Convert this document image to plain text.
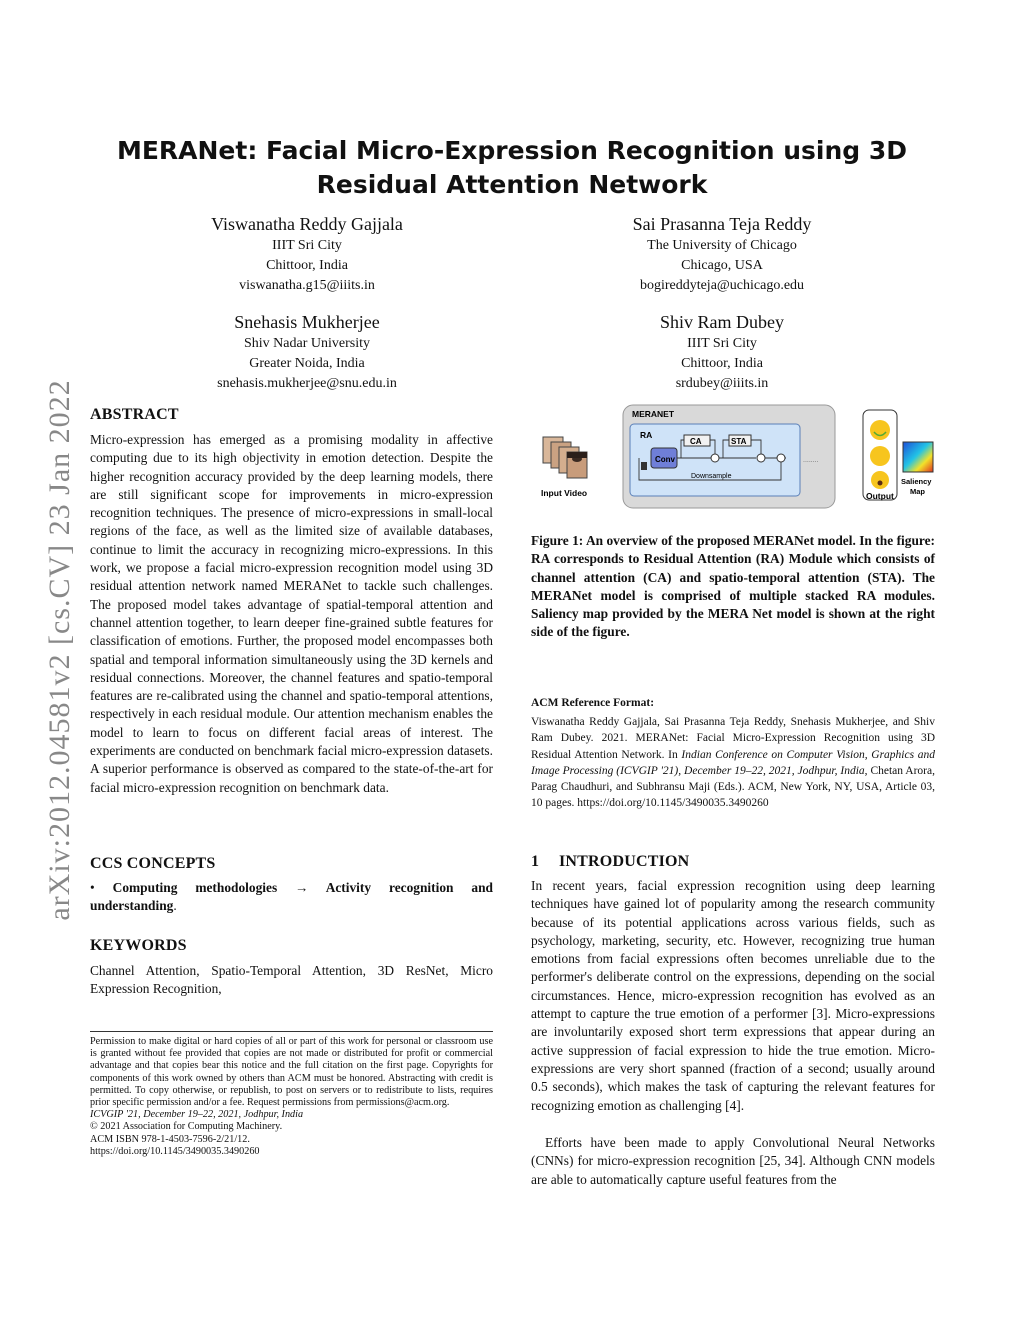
arXiv:2012.04581v2 [cs.CV] 23 Jan 2022
MERANet: Facial Micro-Expression Recognition using 3D
Residual Attention Network
Viswanatha Reddy Gajjala
IIIT Sri City
Chittoor, India
viswanatha.g15@iiits.in
Sai Prasanna Teja Reddy
The University of Chicago
Chicago, USA
bogireddyteja@uchicago.edu
Snehasis Mukherjee
Shiv Nadar University
Greater Noida, India
snehasis.mukherjee@snu.edu.in
Shiv Ram Dubey
IIIT Sri City
Chittoor, India
srdubey@iiits.in
ABSTRACT

Micro-expression has emerged as a promising modality in affective computing due to its high objectivity in emotion detection. Despite the higher recognition accuracy provided by the deep learning models, there are still significant scope for improvements in micro-expression recognition techniques. The presence of micro-expressions in small-local regions of the face, as well as the limited size of available databases, continue to limit the accuracy in recognizing micro-expressions. In this work, we propose a facial micro-expression recognition model using 3D residual attention network named MERANet to tackle such challenges. The proposed model takes advantage of spatial-temporal attention and channel attention together, to learn deeper fine-grained subtle features for classification of emotions. Further, the proposed model encompasses both spatial and temporal information simultaneously using the 3D kernels and residual connections. Moreover, the channel features and spatio-temporal features are re-calibrated using the channel and spatio-temporal attentions, respectively in each residual module. Our attention mechanism enables the model to learn to focus on different facial areas of interest. The experiments are conducted on benchmark facial micro-expression datasets. A superior performance is observed as compared to the state-of-the-art for facial micro-expression recognition on benchmark data.

CCS CONCEPTS

• Computing methodologies → Activity recognition and understanding.

KEYWORDS

Channel Attention, Spatio-Temporal Attention, 3D ResNet, Micro Expression Recognition,

Permission to make digital or hard copies of all or part of this work for personal or classroom use is granted without fee provided that copies are not made or distributed for profit or commercial advantage and that copies bear this notice and the full citation on the first page. Copyrights for components of this work owned by others than ACM must be honored. Abstracting with credit is permitted. To copy otherwise, or republish, to post on servers or to redistribute to lists, requires prior specific permission and/or a fee. Request permissions from permissions@acm.org.
ICVGIP '21, December 19–22, 2021, Jodhpur, India
© 2021 Association for Computing Machinery.
ACM ISBN 978-1-4503-7596-2/21/12.
https://doi.org/10.1145/3490035.3490260
Input Video
MERANET
RA
Conv
CA	STA
Downsample
........
Output
Saliency
Map
Figure 1: An overview of the proposed MERANet model. In the figure: RA corresponds to Residual Attention (RA) Module which consists of channel attention (CA) and spatio-temporal attention (STA). The MERANet model is comprised of multiple stacked RA modules. Saliency map provided by the MERA Net model is shown at the right side of the figure.
ACM Reference Format:
Viswanatha Reddy Gajjala, Sai Prasanna Teja Reddy, Snehasis Mukherjee, and Shiv Ram Dubey. 2021. MERANet: Facial Micro-Expression Recognition using 3D Residual Attention Network. In Indian Conference on Computer Vision, Graphics and Image Processing (ICVGIP '21), December 19–22, 2021, Jodhpur, India, Chetan Arora, Parag Chaudhuri, and Subhransu Maji (Eds.). ACM, New York, NY, USA, Article 03, 10 pages. https://doi.org/10.1145/3490035.3490260
1 INTRODUCTION

In recent years, facial expression recognition using deep learning techniques have gained lot of popularity among the research community because of its potential applications across various fields, such as psychology, marketing, security, etc. However, recognizing true human emotions from facial expressions often becomes unreliable due to the performer's deliberate control on the expressions, depending on the social circumstances. Hence, micro-expression recognition has evolved as an attempt to capture the true emotion of a performer [3]. Micro-expressions are involuntarily exposed short term expressions that appear during an active suppression of facial expression to hide the true emotion. Micro-expressions are very short spanned (fraction of a second; usually around 0.5 seconds), which makes the task of capturing the relevant features for recognizing emotion as challenging [4].

Efforts have been made to apply Convolutional Neural Networks (CNNs) for micro-expression recognition [25, 34]. Although CNN models are able to automatically capture useful features from the
